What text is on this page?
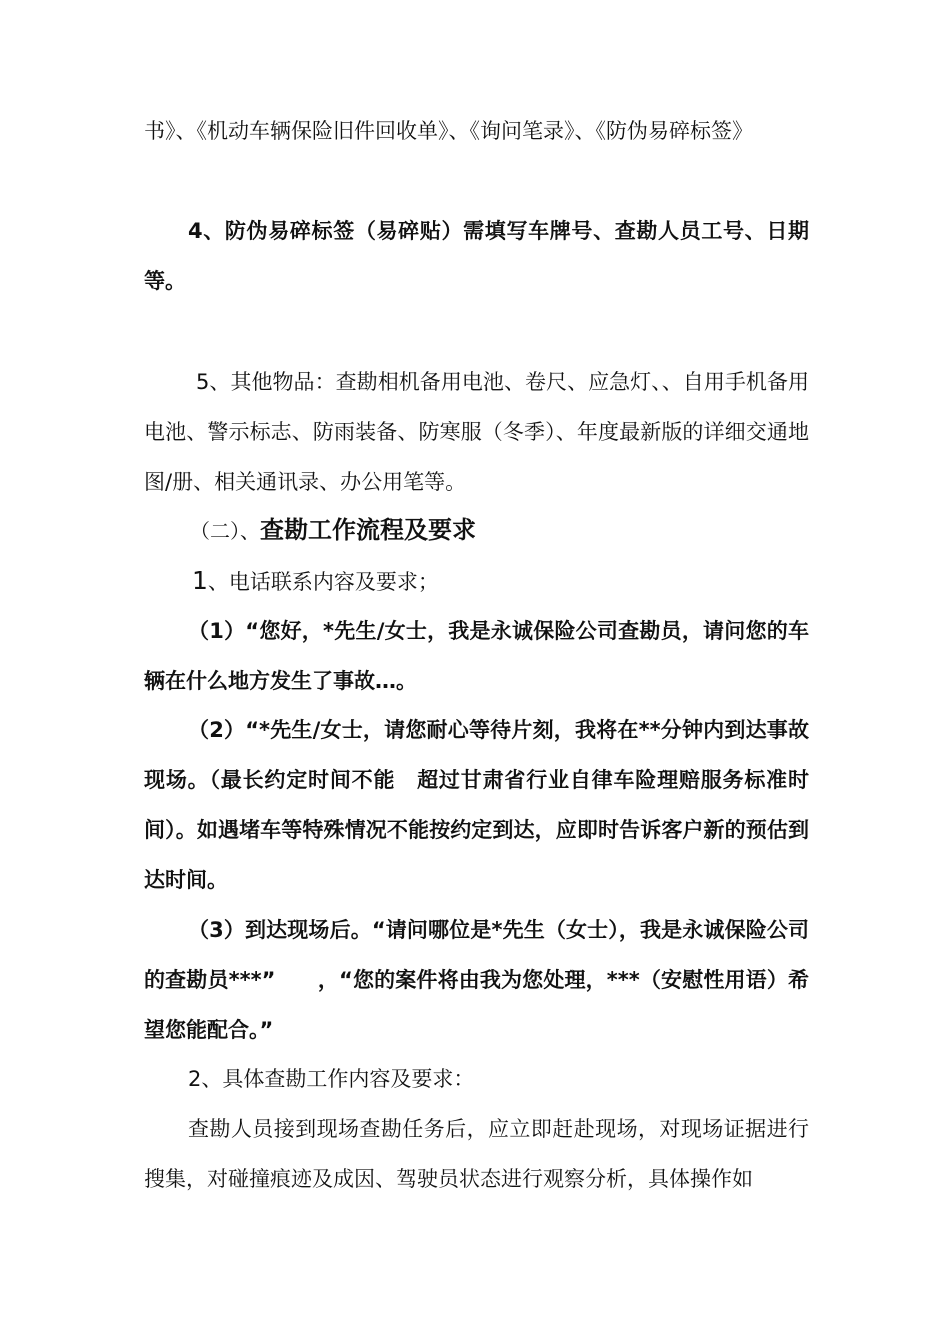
书》、《机动车辆保险旧件回收单》、《询问笔录》、《防伪易碎标签》

4、防伪易碎标签（易碎贴）需填写车牌号、查勘人员工号、日期等。

5、其他物品：查勘相机备用电池、卷尺、应急灯、、自用手机备用电池、警示标志、防雨装备、防寒服（冬季）、年度最新版的详细交通地图/册、相关通讯录、办公用笔等。

（二）、查勘工作流程及要求
1、电话联系内容及要求；

（1）“您好，*先生/女士，我是永诚保险公司查勘员，请问您的车辆在什么地方发生了事故…。

（2）“*先生/女士，请您耐心等待片刻，我将在**分钟内到达事故现场。（最长约定时间不能　超过甘肃省行业自律车险理赔服务标准时间）。如遇堵车等特殊情况不能按约定到达，应即时告诉客户新的预估到达时间。

（3）到达现场后。“请问哪位是*先生（女士），我是永诚保险公司的查勘员***”　　，“您的案件将由我为您处理，***（安慰性用语）希望您能配合。”

2、具体查勘工作内容及要求：

查勘人员接到现场查勘任务后，应立即赶赴现场，对现场证据进行搜集，对碰撞痕迹及成因、驾驶员状态进行观察分析，具体操作如
